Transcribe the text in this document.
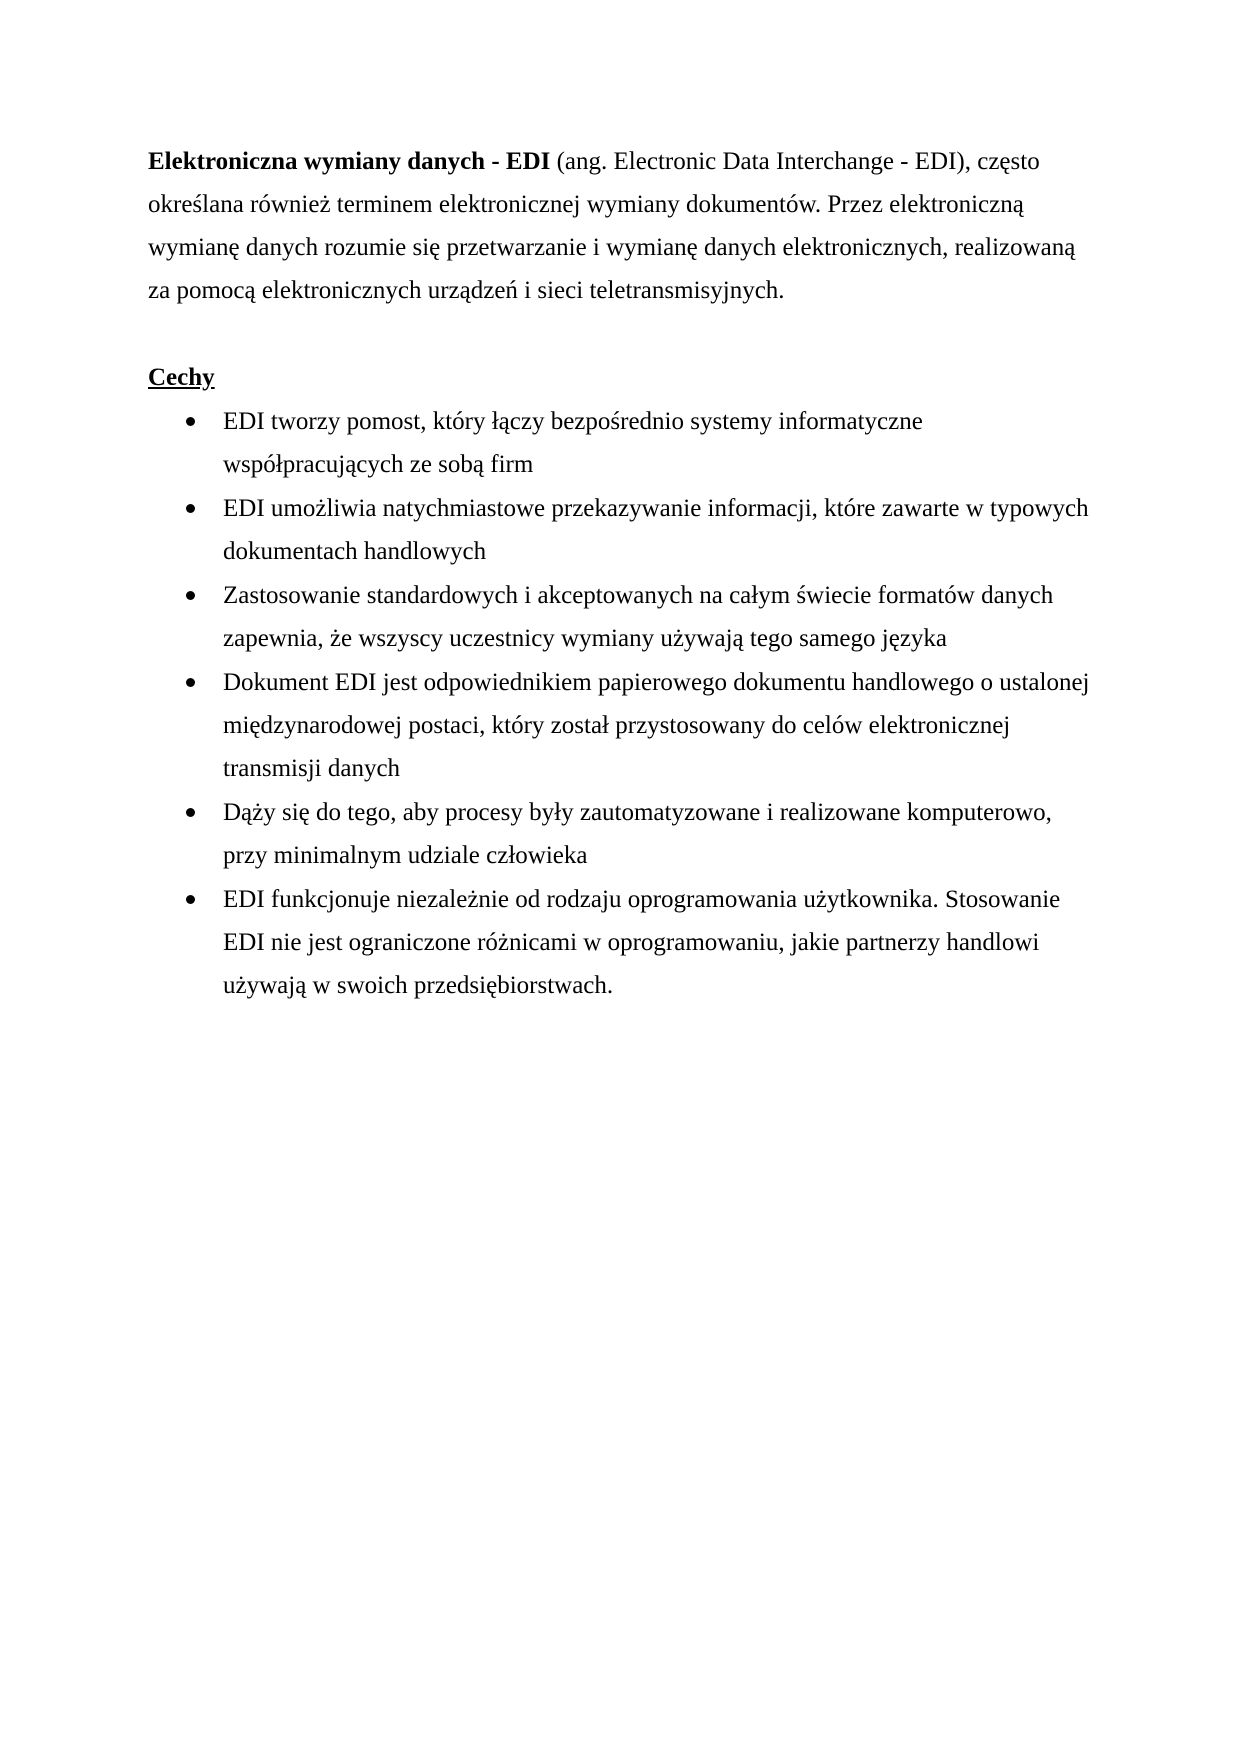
Elektroniczna wymiany danych - EDI (ang. Electronic Data Interchange - EDI), często określana również terminem elektronicznej wymiany dokumentów. Przez elektroniczną wymianę danych rozumie się przetwarzanie i wymianę danych elektronicznych, realizowaną za pomocą elektronicznych urządzeń i sieci teletransmisyjnych.

Cechy
EDI tworzy pomost, który łączy bezpośrednio systemy informatyczne współpracujących ze sobą firm
EDI umożliwia natychmiastowe przekazywanie informacji, które zawarte w typowych dokumentach handlowych
Zastosowanie standardowych i akceptowanych na całym świecie formatów danych zapewnia, że wszyscy uczestnicy wymiany używają tego samego języka
Dokument EDI jest odpowiednikiem papierowego dokumentu handlowego o ustalonej międzynarodowej postaci, który został przystosowany do celów elektronicznej transmisji danych
Dąży się do tego, aby procesy były zautomatyzowane i realizowane komputerowo, przy minimalnym udziale człowieka
EDI funkcjonuje niezależnie od rodzaju oprogramowania użytkownika. Stosowanie EDI nie jest ograniczone różnicami w oprogramowaniu, jakie partnerzy handlowi używają w swoich przedsiębiorstwach.
